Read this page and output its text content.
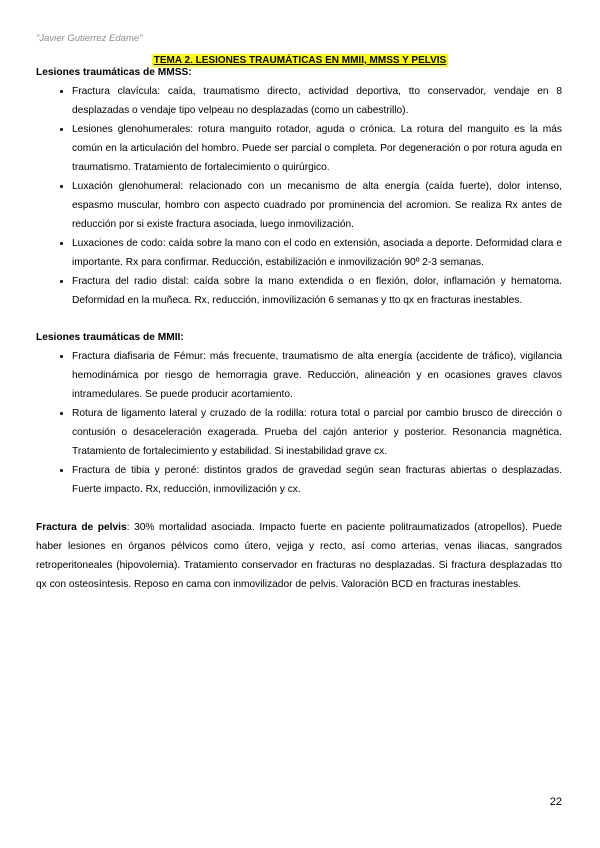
"Javier Gutierrez Edame"
TEMA 2. LESIONES TRAUMÁTICAS EN MMII, MMSS Y PELVIS
Lesiones traumáticas de MMSS:
• Fractura clavícula: caída, traumatismo directo, actividad deportiva, tto conservador, vendaje en 8 desplazadas o vendaje tipo velpeau no desplazadas (como un cabestrillo).
• Lesiones glenohumerales: rotura manguito rotador, aguda o crónica. La rotura del manguito es la más común en la articulación del hombro. Puede ser parcial o completa. Por degeneración o por rotura aguda en traumatismo. Tratamiento de fortalecimiento o quirúrgico.
• Luxación glenohumeral: relacionado con un mecanismo de alta energía (caída fuerte), dolor intenso, espasmo muscular, hombro con aspecto cuadrado por prominencia del acromion. Se realiza Rx antes de reducción por si existe fractura asociada, luego inmovilización.
• Luxaciones de codo: caída sobre la mano con el codo en extensión, asociada a deporte. Deformidad clara e importante. Rx para confirmar. Reducción, estabilización e inmovilización 90º 2-3 semanas.
• Fractura del radio distal: caída sobre la mano extendida o en flexión, dolor, inflamación y hematoma. Deformidad en la muñeca. Rx, reducción, inmovilización 6 semanas y tto qx en fracturas inestables.
Lesiones traumáticas de MMII:
• Fractura diafisaria de Fémur: más frecuente, traumatismo de alta energía (accidente de tráfico), vigilancia hemodinámica por riesgo de hemorragia grave. Reducción, alineación y en ocasiones graves clavos intramedulares. Se puede producir acortamiento.
• Rotura de ligamento lateral y cruzado de la rodilla: rotura total o parcial por cambio brusco de dirección o contusión o desaceleración exagerada. Prueba del cajón anterior y posterior. Resonancia magnética. Tratamiento de fortalecimiento y estabilidad. Si inestabilidad grave cx.
• Fractura de tibia y peroné: distintos grados de gravedad según sean fracturas abiertas o desplazadas. Fuerte impacto. Rx, reducción, inmovilización y cx.

Fractura de pelvis: 30% mortalidad asociada. Impacto fuerte en paciente politraumatizados (atropellos). Puede haber lesiones en órganos pélvicos como útero, vejiga y recto, así como arterias, venas iliacas, sangrados retroperitoneales (hipovolemia). Tratamiento conservador en fracturas no desplazadas. Si fractura desplazadas tto qx con osteosíntesis. Reposo en cama con inmovilizador de pelvis. Valoración BCD en fracturas inestables.

22
